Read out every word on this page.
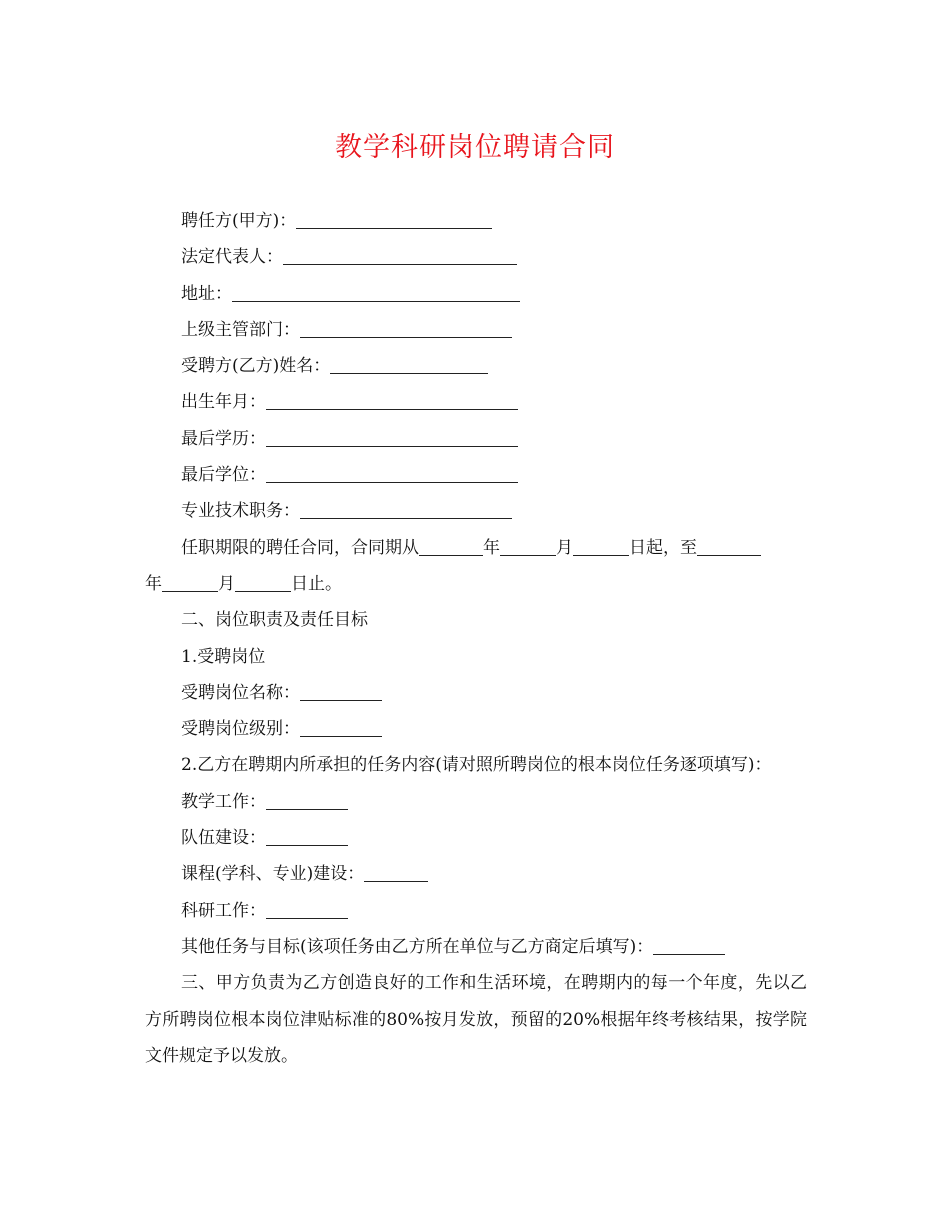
教学科研岗位聘请合同
聘任方(甲方)：
法定代表人：
地址：
上级主管部门：
受聘方(乙方)姓名：
出生年月：
最后学历：
最后学位：
专业技术职务：
任职期限的聘任合同，合同期从	年	月	日起，至
年	月	日止。
二、岗位职责及责任目标
1.受聘岗位
受聘岗位名称：
受聘岗位级别：
2.乙方在聘期内所承担的任务内容(请对照所聘岗位的根本岗位任务逐项填写)：
教学工作：
队伍建设：
课程(学科、专业)建设：
科研工作：
其他任务与目标(该项任务由乙方所在单位与乙方商定后填写)：
三、甲方负责为乙方创造良好的工作和生活环境，在聘期内的每一个年度，先以乙方所聘岗位根本岗位津贴标准的80%按月发放，预留的20%根据年终考核结果，按学院文件规定予以发放。
